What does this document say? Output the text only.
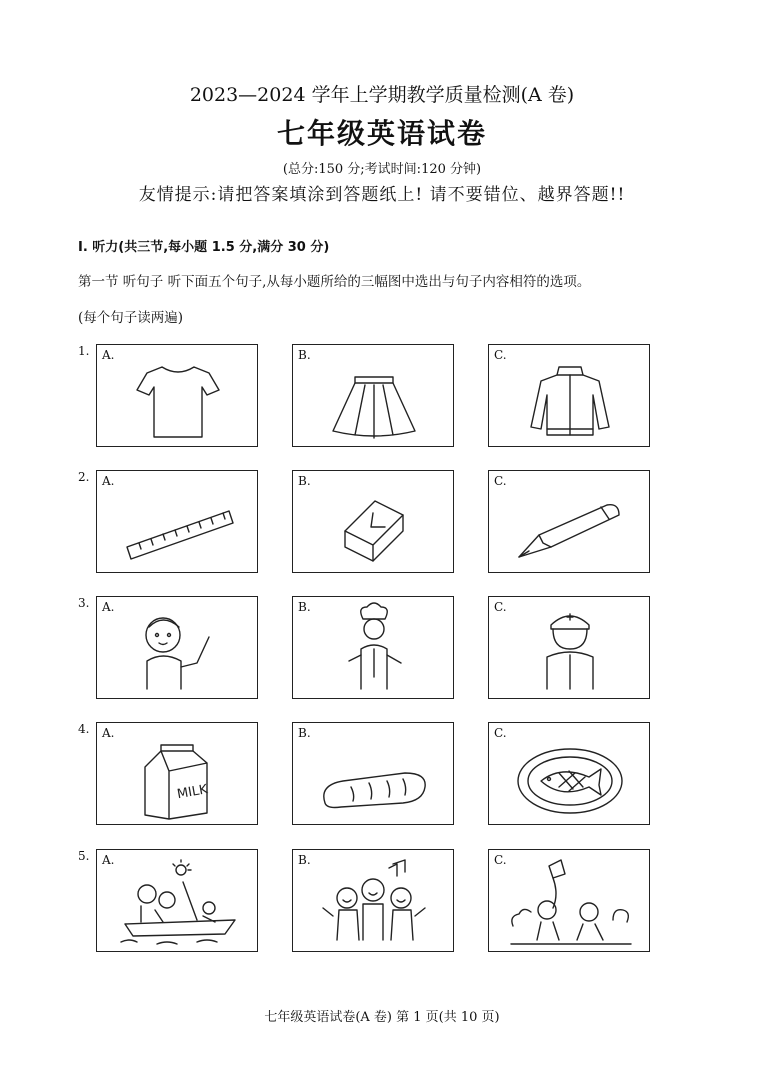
2023—2024 学年上学期教学质量检测(A 卷)
七年级英语试卷
(总分:150 分;考试时间:120 分钟)
友情提示:请把答案填涂到答题纸上! 请不要错位、越界答题!!
I. 听力(共三节,每小题 1.5 分,满分 30 分)
第一节 听句子 听下面五个句子,从每小题所给的三幅图中选出与句子内容相符的选项。
(每个句子读两遍)
1. A.	B.	C.
2. A.	B.	C.
3. A.	B.	C.
4. A.
MILK
B.	C.
5. A.	B.	C.
七年级英语试卷(A 卷) 第 1 页(共 10 页)
